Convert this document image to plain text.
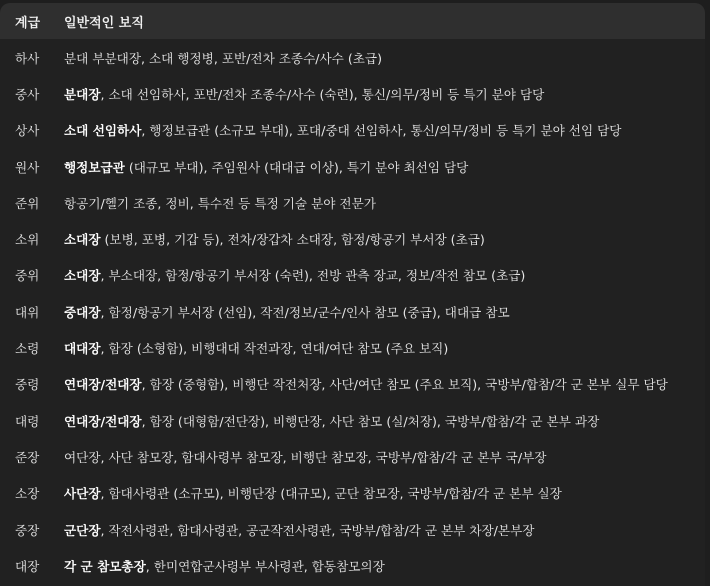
계급	일반적인 보직
하사	분대 부분대장, 소대 행정병, 포반/전차 조종수/사수 (초급)
중사	분대장, 소대 선임하사, 포반/전차 조종수/사수 (숙련), 통신/의무/정비 등 특기 분야 담당
상사	소대 선임하사, 행정보급관 (소규모 부대), 포대/중대 선임하사, 통신/의무/정비 등 특기 분야 선임 담당
원사	행정보급관 (대규모 부대), 주임원사 (대대급 이상), 특기 분야 최선임 담당
준위	항공기/헬기 조종, 정비, 특수전 등 특정 기술 분야 전문가
소위	소대장 (보병, 포병, 기갑 등), 전차/장갑차 소대장, 함정/항공기 부서장 (초급)
중위	소대장, 부소대장, 함정/항공기 부서장 (숙련), 전방 관측 장교, 정보/작전 참모 (초급)
대위	중대장, 함정/항공기 부서장 (선임), 작전/정보/군수/인사 참모 (중급), 대대급 참모
소령	대대장, 함장 (소형함), 비행대대 작전과장, 연대/여단 참모 (주요 보직)
중령	연대장/전대장, 함장 (중형함), 비행단 작전처장, 사단/여단 참모 (주요 보직), 국방부/합참/각 군 본부 실무 담당
대령	연대장/전대장, 함장 (대형함/전단장), 비행단장, 사단 참모 (실/처장), 국방부/합참/각 군 본부 과장
준장	여단장, 사단 참모장, 함대사령부 참모장, 비행단 참모장, 국방부/합참/각 군 본부 국/부장
소장	사단장, 함대사령관 (소규모), 비행단장 (대규모), 군단 참모장, 국방부/합참/각 군 본부 실장
중장	군단장, 작전사령관, 함대사령관, 공군작전사령관, 국방부/합참/각 군 본부 차장/본부장
대장	각 군 참모총장, 한미연합군사령부 부사령관, 합동참모의장
